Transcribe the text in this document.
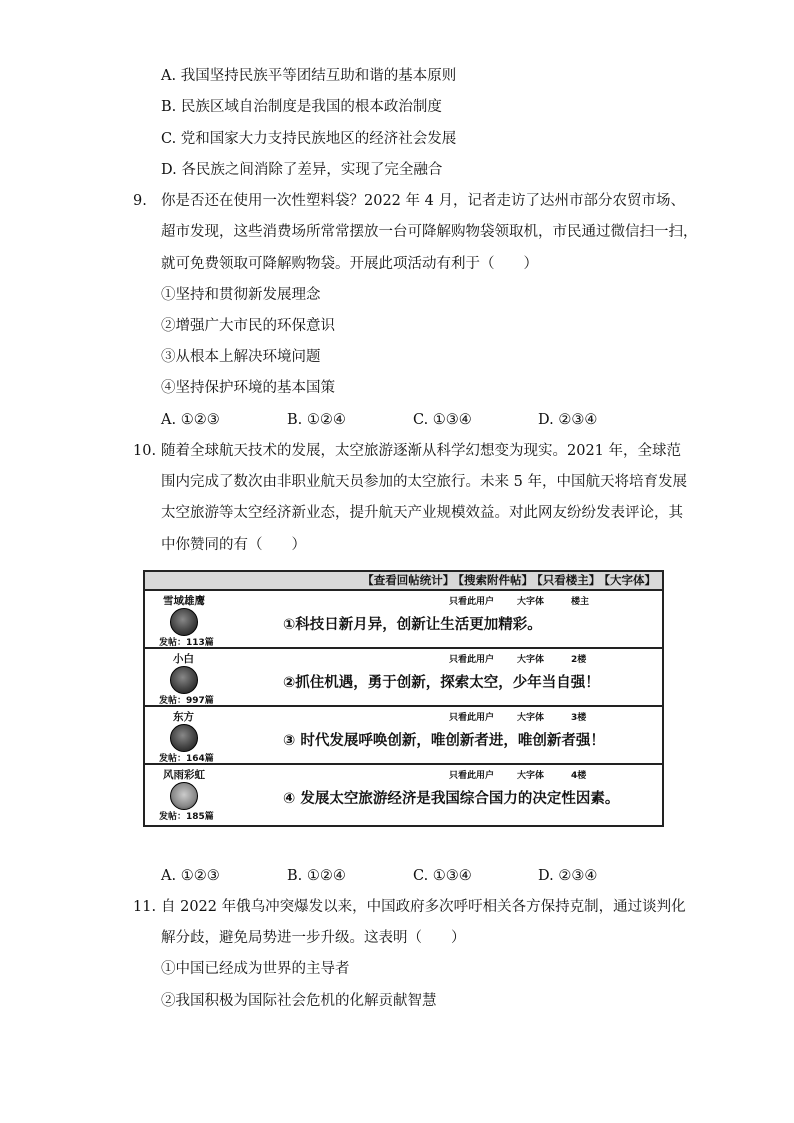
A. 我国坚持民族平等团结互助和谐的基本原则
B. 民族区域自治制度是我国的根本政治制度
C. 党和国家大力支持民族地区的经济社会发展
D. 各民族之间消除了差异，实现了完全融合
9. 你是否还在使用一次性塑料袋？2022 年 4 月，记者走访了达州市部分农贸市场、
超市发现，这些消费场所常常摆放一台可降解购物袋领取机，市民通过微信扫一扫，
就可免费领取可降解购物袋。开展此项活动有利于（　　）
①坚持和贯彻新发展理念
②增强广大市民的环保意识
③从根本上解决环境问题
④坚持保护环境的基本国策
A. ①②③	B. ①②④	C. ①③④	D. ②③④
10. 随着全球航天技术的发展，太空旅游逐渐从科学幻想变为现实。2021 年，全球范
围内完成了数次由非职业航天员参加的太空旅行。未来 5 年，中国航天将培育发展
太空旅游等太空经济新业态，提升航天产业规模效益。对此网友纷纷发表评论，其
中你赞同的有（　　）
【查看回帖统计】 【搜索附件帖】 【只看楼主】 【大字体】
雪域雄鹰
发帖：113篇
只看此用户	大字体	楼主
①科技日新月异，创新让生活更加精彩。
小白
发帖：997篇
只看此用户	大字体	2楼
②抓住机遇，勇于创新，探索太空，少年当自强！
东方
发帖：164篇
只看此用户	大字体	3楼
③ 时代发展呼唤创新，唯创新者进，唯创新者强！
风雨彩虹
发帖：185篇
只看此用户	大字体	4楼
④ 发展太空旅游经济是我国综合国力的决定性因素。
A. ①②③	B. ①②④	C. ①③④	D. ②③④
11. 自 2022 年俄乌冲突爆发以来，中国政府多次呼吁相关各方保持克制，通过谈判化
解分歧，避免局势进一步升级。这表明（　　）
①中国已经成为世界的主导者
②我国积极为国际社会危机的化解贡献智慧
